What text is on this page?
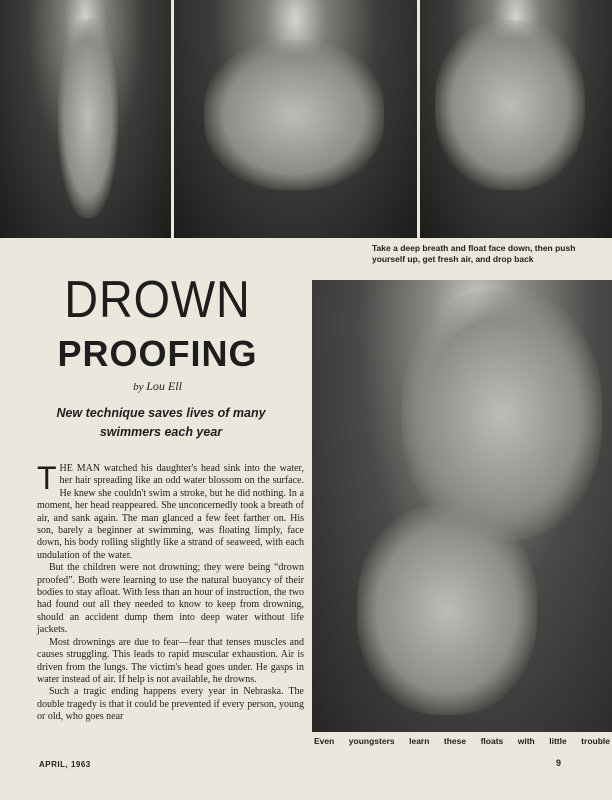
Take a deep breath and float face down, then push yourself up, get fresh air, and drop back
DROWN
PROOFING
by Lou Ell
New technique saves lives of many swimmers each year

THE MAN watched his daughter's head sink into the water, her hair spreading like an odd water blossom on the surface. He knew she couldn't swim a stroke, but he did nothing. In a moment, her head reappeared. She unconcernedly took a breath of air, and sank again. The man glanced a few feet farther on. His son, barely a beginner at swimming, was floating limply, face down, his body rolling slightly like a strand of seaweed, with each undulation of the water.

But the children were not drowning; they were being “drown proofed”. Both were learning to use the natural buoyancy of their bodies to stay afloat. With less than an hour of instruction, the two had found out all they needed to know to keep from drowning, should an accident dump them into deep water without life jackets.

Most drownings are due to fear—fear that tenses muscles and causes struggling. This leads to rapid muscular exhaustion. Air is driven from the lungs. The victim's head goes under. He gasps in water instead of air. If help is not available, he drowns.

Such a tragic ending happens every year in Nebraska. The double tragedy is that it could be prevented if every person, young or old, who goes near

Even youngsters learn these floats with little trouble
APRIL, 1963	9
